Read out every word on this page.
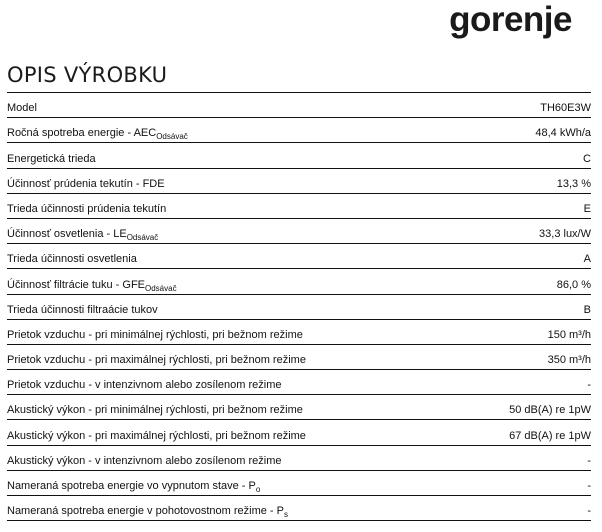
gorenje
OPIS VÝROBKU
Model	TH60E3W
Ročná spotreba energie - $AEC_{Odsávač}$	48,4 kWh/a
Energetická trieda	C
Účinnosť prúdenia tekutín - FDE	13,3 %
Trieda účinnosti prúdenia tekutín	E
Účinnosť osvetlenia - $LE_{Odsávač}$	33,3 lux/W
Trieda účinnosti osvetlenia	A
Účinnosť filtrácie tuku - $GFE_{Odsávač}$	86,0 %
Trieda účinnosti filtraácie tukov	B
Prietok vzduchu - pri minimálnej rýchlosti, pri bežnom režime	150 m³/h
Prietok vzduchu - pri maximálnej rýchlosti, pri bežnom režime	350 m³/h
Prietok vzduchu - v intenzivnom alebo zosílenom režime	-
Akustický výkon - pri minimálnej rýchlosti, pri bežnom režime	50 dB(A) re 1pW
Akustický výkon - pri maximálnej rýchlosti, pri bežnom režime	67 dB(A) re 1pW
Akustický výkon - v intenzivnom alebo zosílenom režime	-
Nameraná spotreba energie vo vypnutom stave - $P_o$	-
Nameraná spotreba energie v pohotovostnom režime - $P_s$	-
